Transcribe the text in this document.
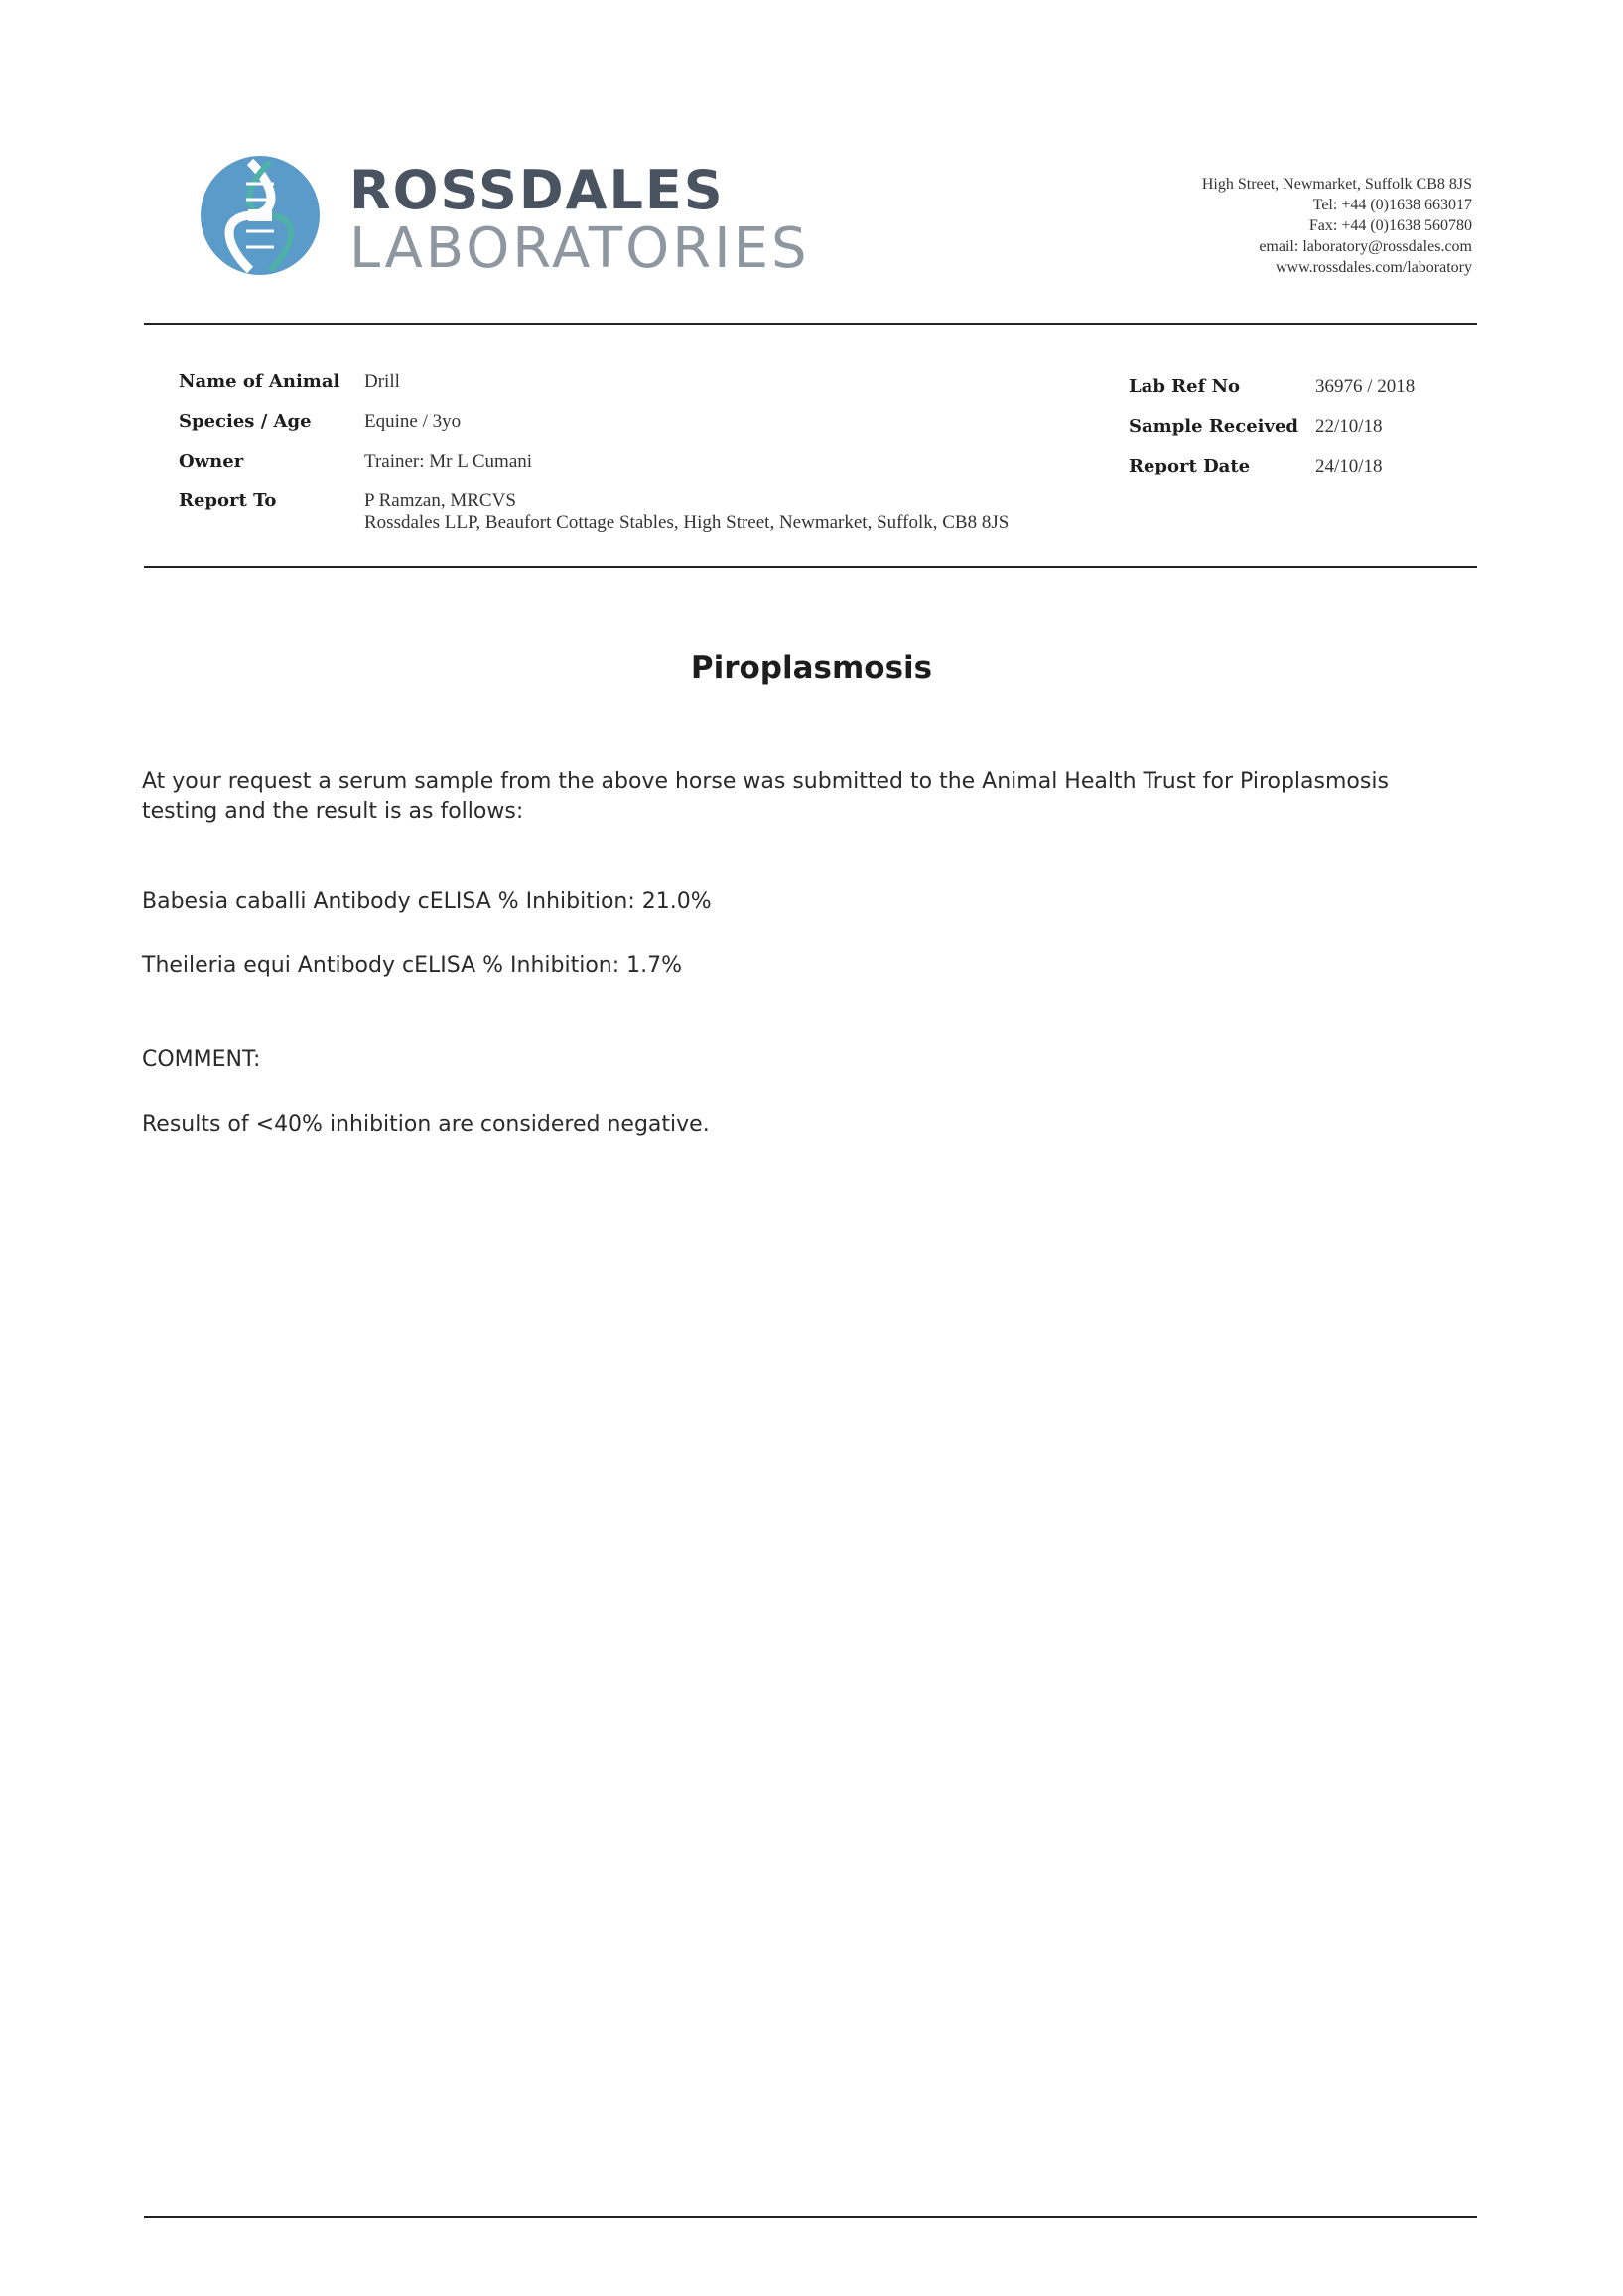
ROSSDALES
LABORATORIES
High Street, Newmarket, Suffolk CB8 8JS
Tel: +44 (0)1638 663017
Fax: +44 (0)1638 560780
email: laboratory@rossdales.com
www.rossdales.com/laboratory
Name of Animal
Species / Age
Owner
Report To
Drill
Equine / 3yo
Trainer: Mr L Cumani
P Ramzan, MRCVS
Rossdales LLP, Beaufort Cottage Stables, High Street, Newmarket, Suffolk, CB8 8JS
Lab Ref No
Sample Received
Report Date
36976 / 2018
22/10/18
24/10/18
Piroplasmosis
At your request a serum sample from the above horse was submitted to the Animal Health Trust for Piroplasmosis testing and the result is as follows:
Babesia caballi Antibody cELISA % Inhibition: 21.0%
Theileria equi Antibody cELISA % Inhibition: 1.7%
COMMENT:
Results of <40% inhibition are considered negative.
